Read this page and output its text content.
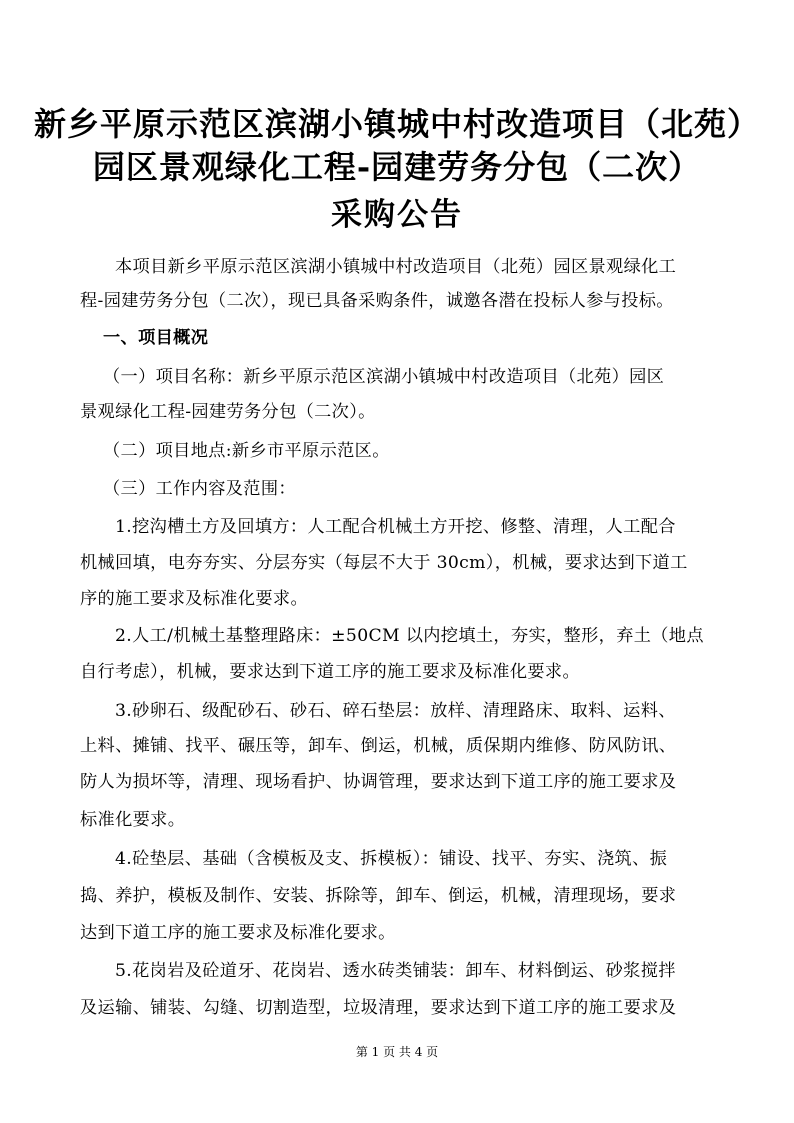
新乡平原示范区滨湖小镇城中村改造项目（北苑）
园区景观绿化工程-园建劳务分包（二次）
采购公告
本项目新乡平原示范区滨湖小镇城中村改造项目（北苑）园区景观绿化工
程-园建劳务分包（二次），现已具备采购条件，诚邀各潜在投标人参与投标。
一、项目概况
（一）项目名称：新乡平原示范区滨湖小镇城中村改造项目（北苑）园区
景观绿化工程-园建劳务分包（二次）。
（二）项目地点:新乡市平原示范区。
（三）工作内容及范围：
1.挖沟槽土方及回填方：人工配合机械土方开挖、修整、清理，人工配合
机械回填，电夯夯实、分层夯实（每层不大于 30cm），机械，要求达到下道工
序的施工要求及标准化要求。
2.人工/机械土基整理路床：±50CM 以内挖填土，夯实，整形，弃土（地点
自行考虑），机械，要求达到下道工序的施工要求及标准化要求。
3.砂卵石、级配砂石、砂石、碎石垫层：放样、清理路床、取料、运料、
上料、摊铺、找平、碾压等，卸车、倒运，机械，质保期内维修、防风防讯、
防人为损坏等，清理、现场看护、协调管理，要求达到下道工序的施工要求及
标准化要求。
4.砼垫层、基础（含模板及支、拆模板）：铺设、找平、夯实、浇筑、振
捣、养护，模板及制作、安装、拆除等，卸车、倒运，机械，清理现场，要求
达到下道工序的施工要求及标准化要求。
5.花岗岩及砼道牙、花岗岩、透水砖类铺装：卸车、材料倒运、砂浆搅拌
及运输、铺装、勾缝、切割造型，垃圾清理，要求达到下道工序的施工要求及
第 1 页 共 4 页
